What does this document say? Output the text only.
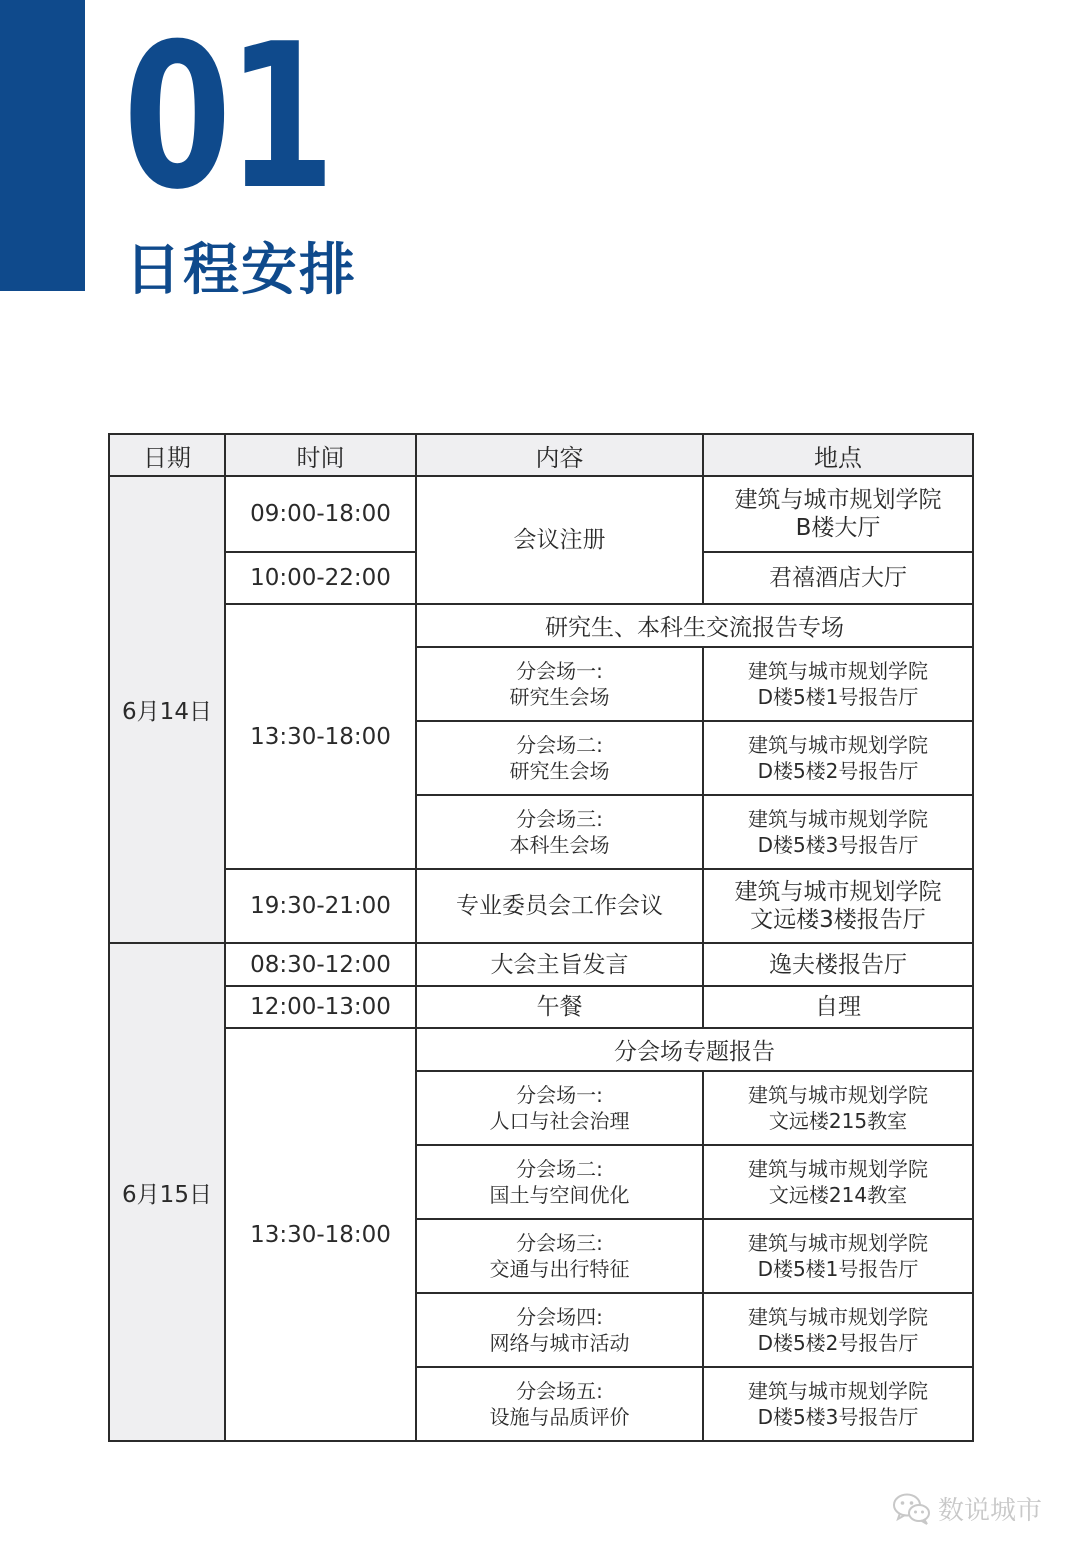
01
日程安排
日期	时间	内容	地点
6月14日	09:00-18:00	会议注册	建筑与城市规划学院
B楼大厅

	10:00-22:00		君禧酒店大厅
	13:30-18:00	研究生、本科生交流报告专场	

		分会场一:
研究生会场	建筑与城市规划学院
D楼5楼1号报告厅

		分会场二:
研究生会场	建筑与城市规划学院
D楼5楼2号报告厅

		分会场三:
本科生会场	建筑与城市规划学院
D楼5楼3号报告厅

	19:30-21:00	专业委员会工作会议	建筑与城市规划学院
文远楼3楼报告厅

6月15日	08:30-12:00	大会主旨发言	逸夫楼报告厅
	12:00-13:00	午餐	自理
	13:30-18:00	分会场专题报告	

		分会场一:
人口与社会治理	建筑与城市规划学院
文远楼215教室

		分会场二:
国土与空间优化	建筑与城市规划学院
文远楼214教室

		分会场三:
交通与出行特征	建筑与城市规划学院
D楼5楼1号报告厅

		分会场四:
网络与城市活动	建筑与城市规划学院
D楼5楼2号报告厅

		分会场五:
设施与品质评价	建筑与城市规划学院
D楼5楼3号报告厅
数说城市
